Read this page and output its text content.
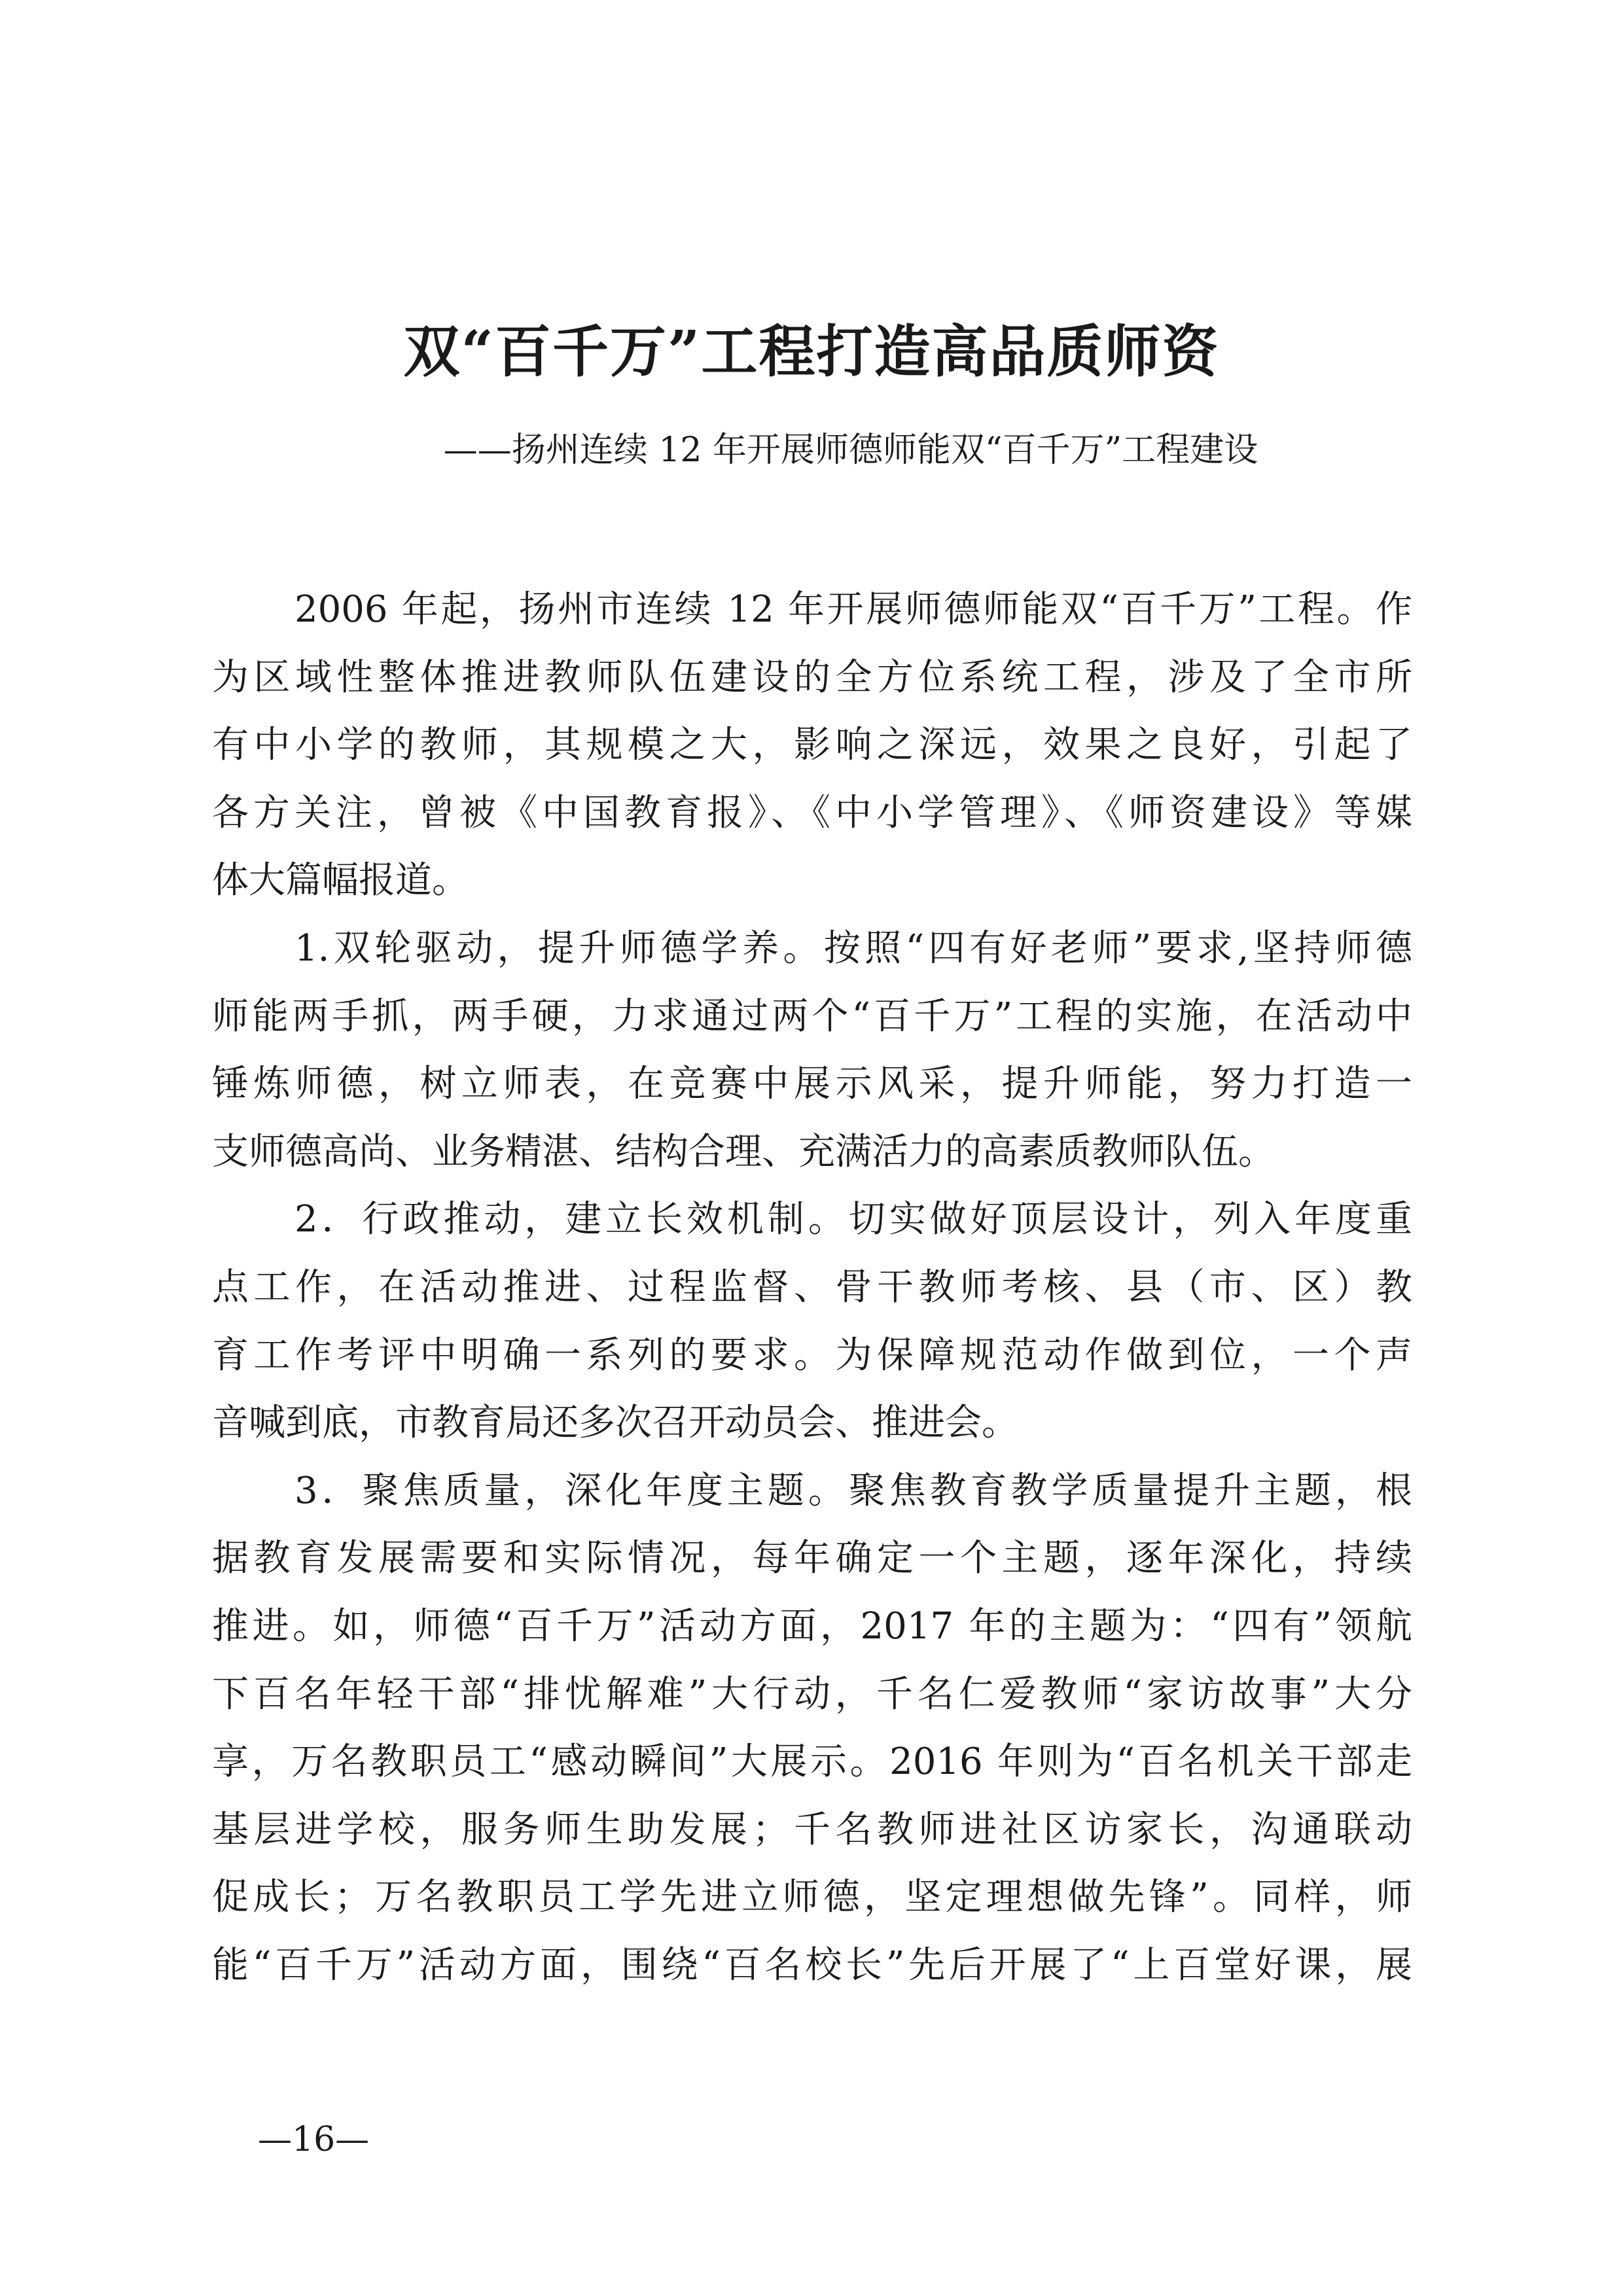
双“百千万”工程打造高品质师资
——扬州连续 12 年开展师德师能双“百千万”工程建设
2006 年起，扬州市连续 12 年开展师德师能双“百千万”工程。作
为区域性整体推进教师队伍建设的全方位系统工程，涉及了全市所
有中小学的教师，其规模之大，影响之深远，效果之良好，引起了
各方关注，曾被《中国教育报》、《中小学管理》、《师资建设》等媒
体大篇幅报道。
1.双轮驱动，提升师德学养。按照“四有好老师”要求,坚持师德
师能两手抓，两手硬，力求通过两个“百千万”工程的实施，在活动中
锤炼师德，树立师表，在竞赛中展示风采，提升师能，努力打造一
支师德高尚、业务精湛、结构合理、充满活力的高素质教师队伍。
2．行政推动，建立长效机制。切实做好顶层设计，列入年度重
点工作，在活动推进、过程监督、骨干教师考核、县（市、区）教
育工作考评中明确一系列的要求。为保障规范动作做到位，一个声
音喊到底，市教育局还多次召开动员会、推进会。
3．聚焦质量，深化年度主题。聚焦教育教学质量提升主题，根
据教育发展需要和实际情况，每年确定一个主题，逐年深化，持续
推进。如，师德“百千万”活动方面，2017 年的主题为：“四有”领航
下百名年轻干部“排忧解难”大行动，千名仁爱教师“家访故事”大分
享，万名教职员工“感动瞬间”大展示。2016 年则为“百名机关干部走
基层进学校，服务师生助发展；千名教师进社区访家长，沟通联动
促成长；万名教职员工学先进立师德，坚定理想做先锋”。同样，师
能“百千万”活动方面，围绕“百名校长”先后开展了“上百堂好课，展
—16—
